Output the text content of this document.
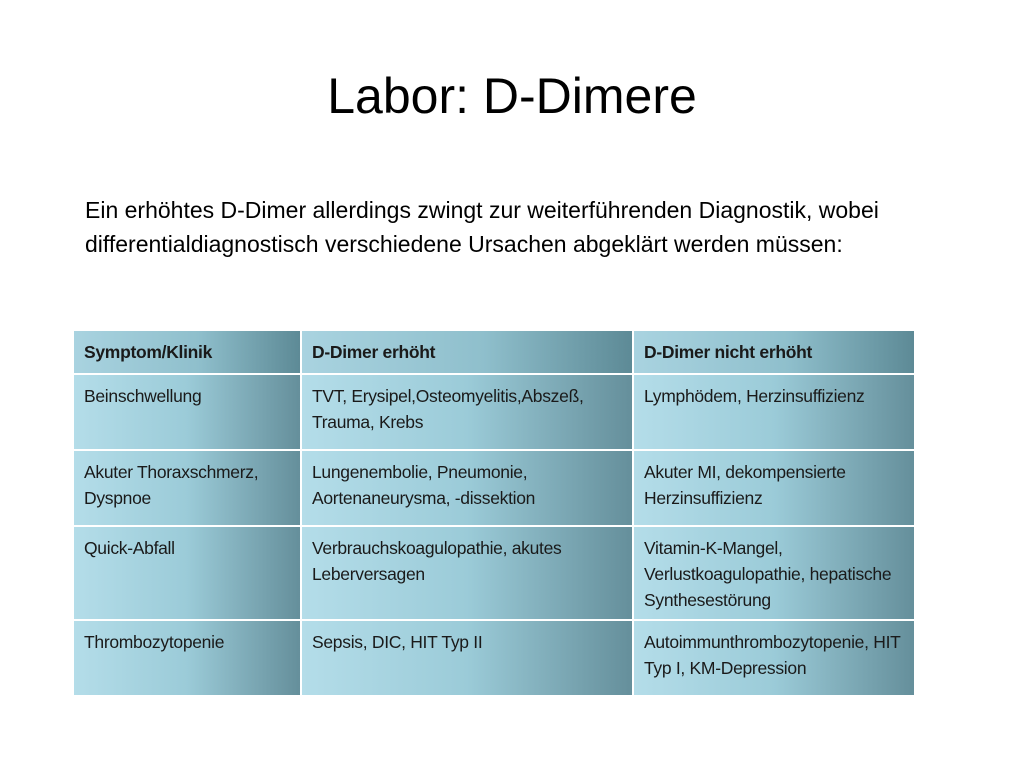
Labor: D-Dimere

Ein erhöhtes D-Dimer allerdings zwingt zur weiterführenden Diagnostik, wobei differentialdiagnostisch verschiedene Ursachen abgeklärt werden müssen:

Symptom/Klinik	D-Dimer erhöht	D-Dimer nicht erhöht
Beinschwellung	TVT, Erysipel,Osteomyelitis,Abszeß, Trauma, Krebs	Lymphödem, Herzinsuffizienz
Akuter Thoraxschmerz, Dyspnoe	Lungenembolie, Pneumonie, Aortenaneurysma, -dissektion	Akuter MI, dekompensierte Herzinsuffizienz
Quick-Abfall	Verbrauchskoagulopathie, akutes Leberversagen	Vitamin-K-Mangel, Verlustkoagulopathie, hepatische Synthesestörung
Thrombozytopenie	Sepsis, DIC, HIT Typ II	Autoimmunthrombozytopenie, HIT Typ I, KM-Depression
